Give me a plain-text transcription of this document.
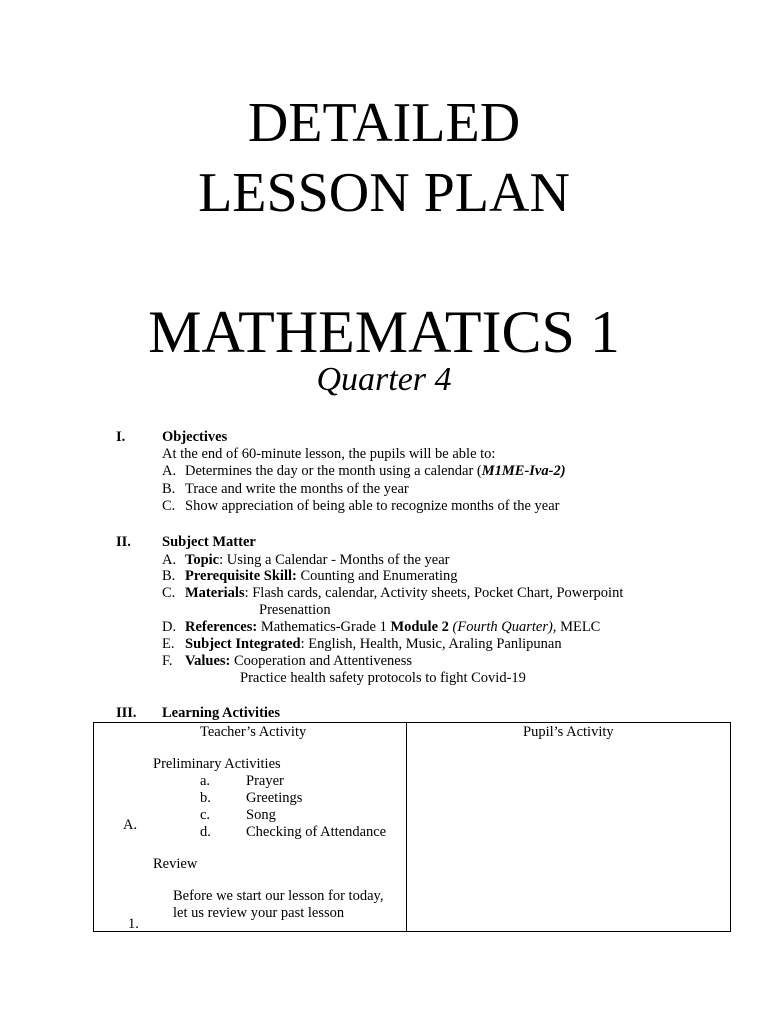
DETAILED
LESSON PLAN
MATHEMATICS 1
Quarter 4
I.	Objectives
At the end of 60-minute lesson, the pupils will be able to:
A. Determines the day or the month using a calendar (M1ME-Iva-2)
B. Trace and write the months of the year
C. Show appreciation of being able to recognize months of the year
II. Subject Matter
A. Topic: Using a Calendar - Months of the year
B. Prerequisite Skill: Counting and Enumerating
C. Materials: Flash cards, calendar, Activity sheets, Pocket Chart, Powerpoint
Presenattion
D. References: Mathematics-Grade 1 Module 2 (Fourth Quarter), MELC
E. Subject Integrated: English, Health, Music, Araling Panlipunan
F. Values: Cooperation and Attentiveness
Practice health safety protocols to fight Covid-19
III. Learning Activities
Teacher’s Activity	Pupil’s Activity
Preliminary Activities
a. Prayer
b. Greetings
c. Song
d. Checking of Attendance
A.
Review
Before we start our lesson for today,
let us review your past lesson
1.
